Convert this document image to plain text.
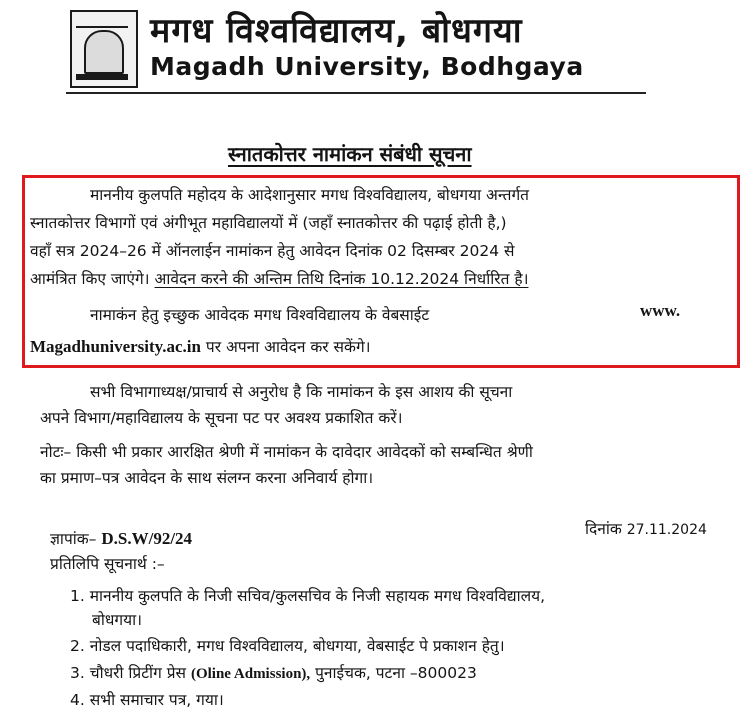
मगध विश्वविद्यालय, बोधगया
Magadh University, Bodhgaya
स्नातकोत्तर नामांकन संबंधी सूचना
माननीय कुलपति महोदय के आदेशानुसार मगध विश्वविद्यालय, बोधगया अन्तर्गत
स्नातकोत्तर विभागों एवं अंगीभूत महाविद्यालयों में (जहाँ स्नातकोत्तर की पढ़ाई होती है,)
वहाँ सत्र 2024–26 में ऑनलाईन नामांकन हेतु आवेदन दिनांक 02 दिसम्बर 2024 से
आमंत्रित किए जाएंगे। आवेदन करने की अन्तिम तिथि दिनांक 10.12.2024 निर्धारित है।
नामाकंन हेतु इच्छुक आवेदक मगध विश्वविद्यालय के वेबसाईट	www.
Magadhuniversity.ac.in पर अपना आवेदन कर सकेंगे।
सभी विभागाध्यक्ष/प्राचार्य से अनुरोध है कि नामांकन के इस आशय की सूचना
अपने विभाग/महाविद्यालय के सूचना पट पर अवश्य प्रकाशित करें।
नोटः– किसी भी प्रकार आरक्षित श्रेणी में नामांकन के दावेदार आवेदकों को सम्बन्धित श्रेणी
का प्रमाण–पत्र आवेदन के साथ संलग्न करना अनिवार्य होगा।
ज्ञापांक– D.S.W/92/24	दिनांक 27.11.2024
प्रतिलिपि सूचनार्थ :–
1. माननीय कुलपति के निजी सचिव/कुलसचिव के निजी सहायक मगध विश्वविद्यालय,
बोधगया।
2. नोडल पदाधिकारी, मगध विश्वविद्यालय, बोधगया, वेबसाईट पे प्रकाशन हेतु।
3. चौधरी प्रिटींग प्रेस (Oline Admission), पुनाईचक, पटना –800023
4. सभी समाचार पत्र, गया।
